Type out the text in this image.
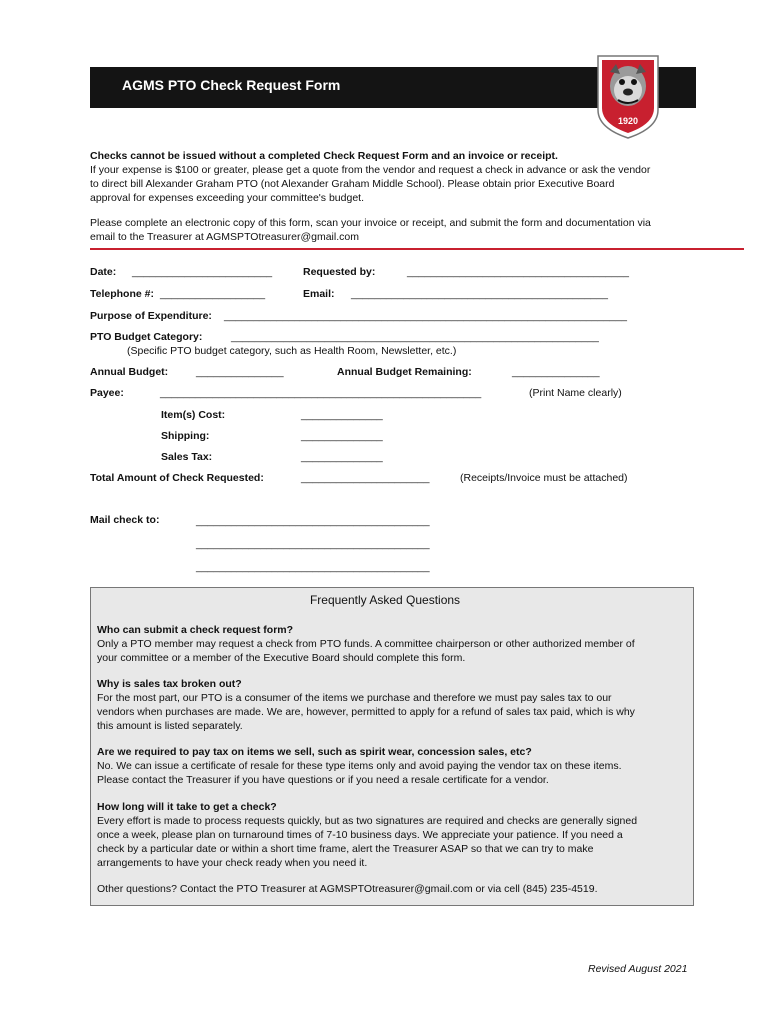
AGMS PTO Check Request Form
1920
Checks cannot be issued without a completed Check Request Form and an invoice or receipt.
If your expense is $100 or greater, please get a quote from the vendor and request a check in advance or ask the vendor
to direct bill Alexander Graham PTO (not Alexander Graham Middle School). Please obtain prior Executive Board
approval for expenses exceeding your committee's budget.
Please complete an electronic copy of this form, scan your invoice or receipt, and submit the form and documentation via
email to the Treasurer at AGMSPTOtreasurer@gmail.com
Date: ________________________	Requested by:	______________________________________
Telephone #: __________________	Email: ____________________________________________
Purpose of Expenditure: _____________________________________________________________________
PTO Budget Category:	_______________________________________________________________
(Specific PTO budget category, such as Health Room, Newsletter, etc.)
Annual Budget:	_______________	Annual Budget Remaining:	_______________
Payee:	_______________________________________________________	(Print Name clearly)
Item(s) Cost:	______________
Shipping:	______________
Sales Tax:	______________
Total Amount of Check Requested:	______________________	(Receipts/Invoice must be attached)
Mail check to:	________________________________________
________________________________________
________________________________________
Frequently Asked Questions
Who can submit a check request form?
Only a PTO member may request a check from PTO funds. A committee chairperson or other authorized member of
your committee or a member of the Executive Board should complete this form.
Why is sales tax broken out?
For the most part, our PTO is a consumer of the items we purchase and therefore we must pay sales tax to our
vendors when purchases are made. We are, however, permitted to apply for a refund of sales tax paid, which is why
this amount is listed separately.
Are we required to pay tax on items we sell, such as spirit wear, concession sales, etc?
No. We can issue a certificate of resale for these type items only and avoid paying the vendor tax on these items.
Please contact the Treasurer if you have questions or if you need a resale certificate for a vendor.
How long will it take to get a check?
Every effort is made to process requests quickly, but as two signatures are required and checks are generally signed
once a week, please plan on turnaround times of 7-10 business days. We appreciate your patience. If you need a
check by a particular date or within a short time frame, alert the Treasurer ASAP so that we can try to make
arrangements to have your check ready when you need it.
Other questions? Contact the PTO Treasurer at AGMSPTOtreasurer@gmail.com or via cell (845) 235-4519.
Revised August 2021
